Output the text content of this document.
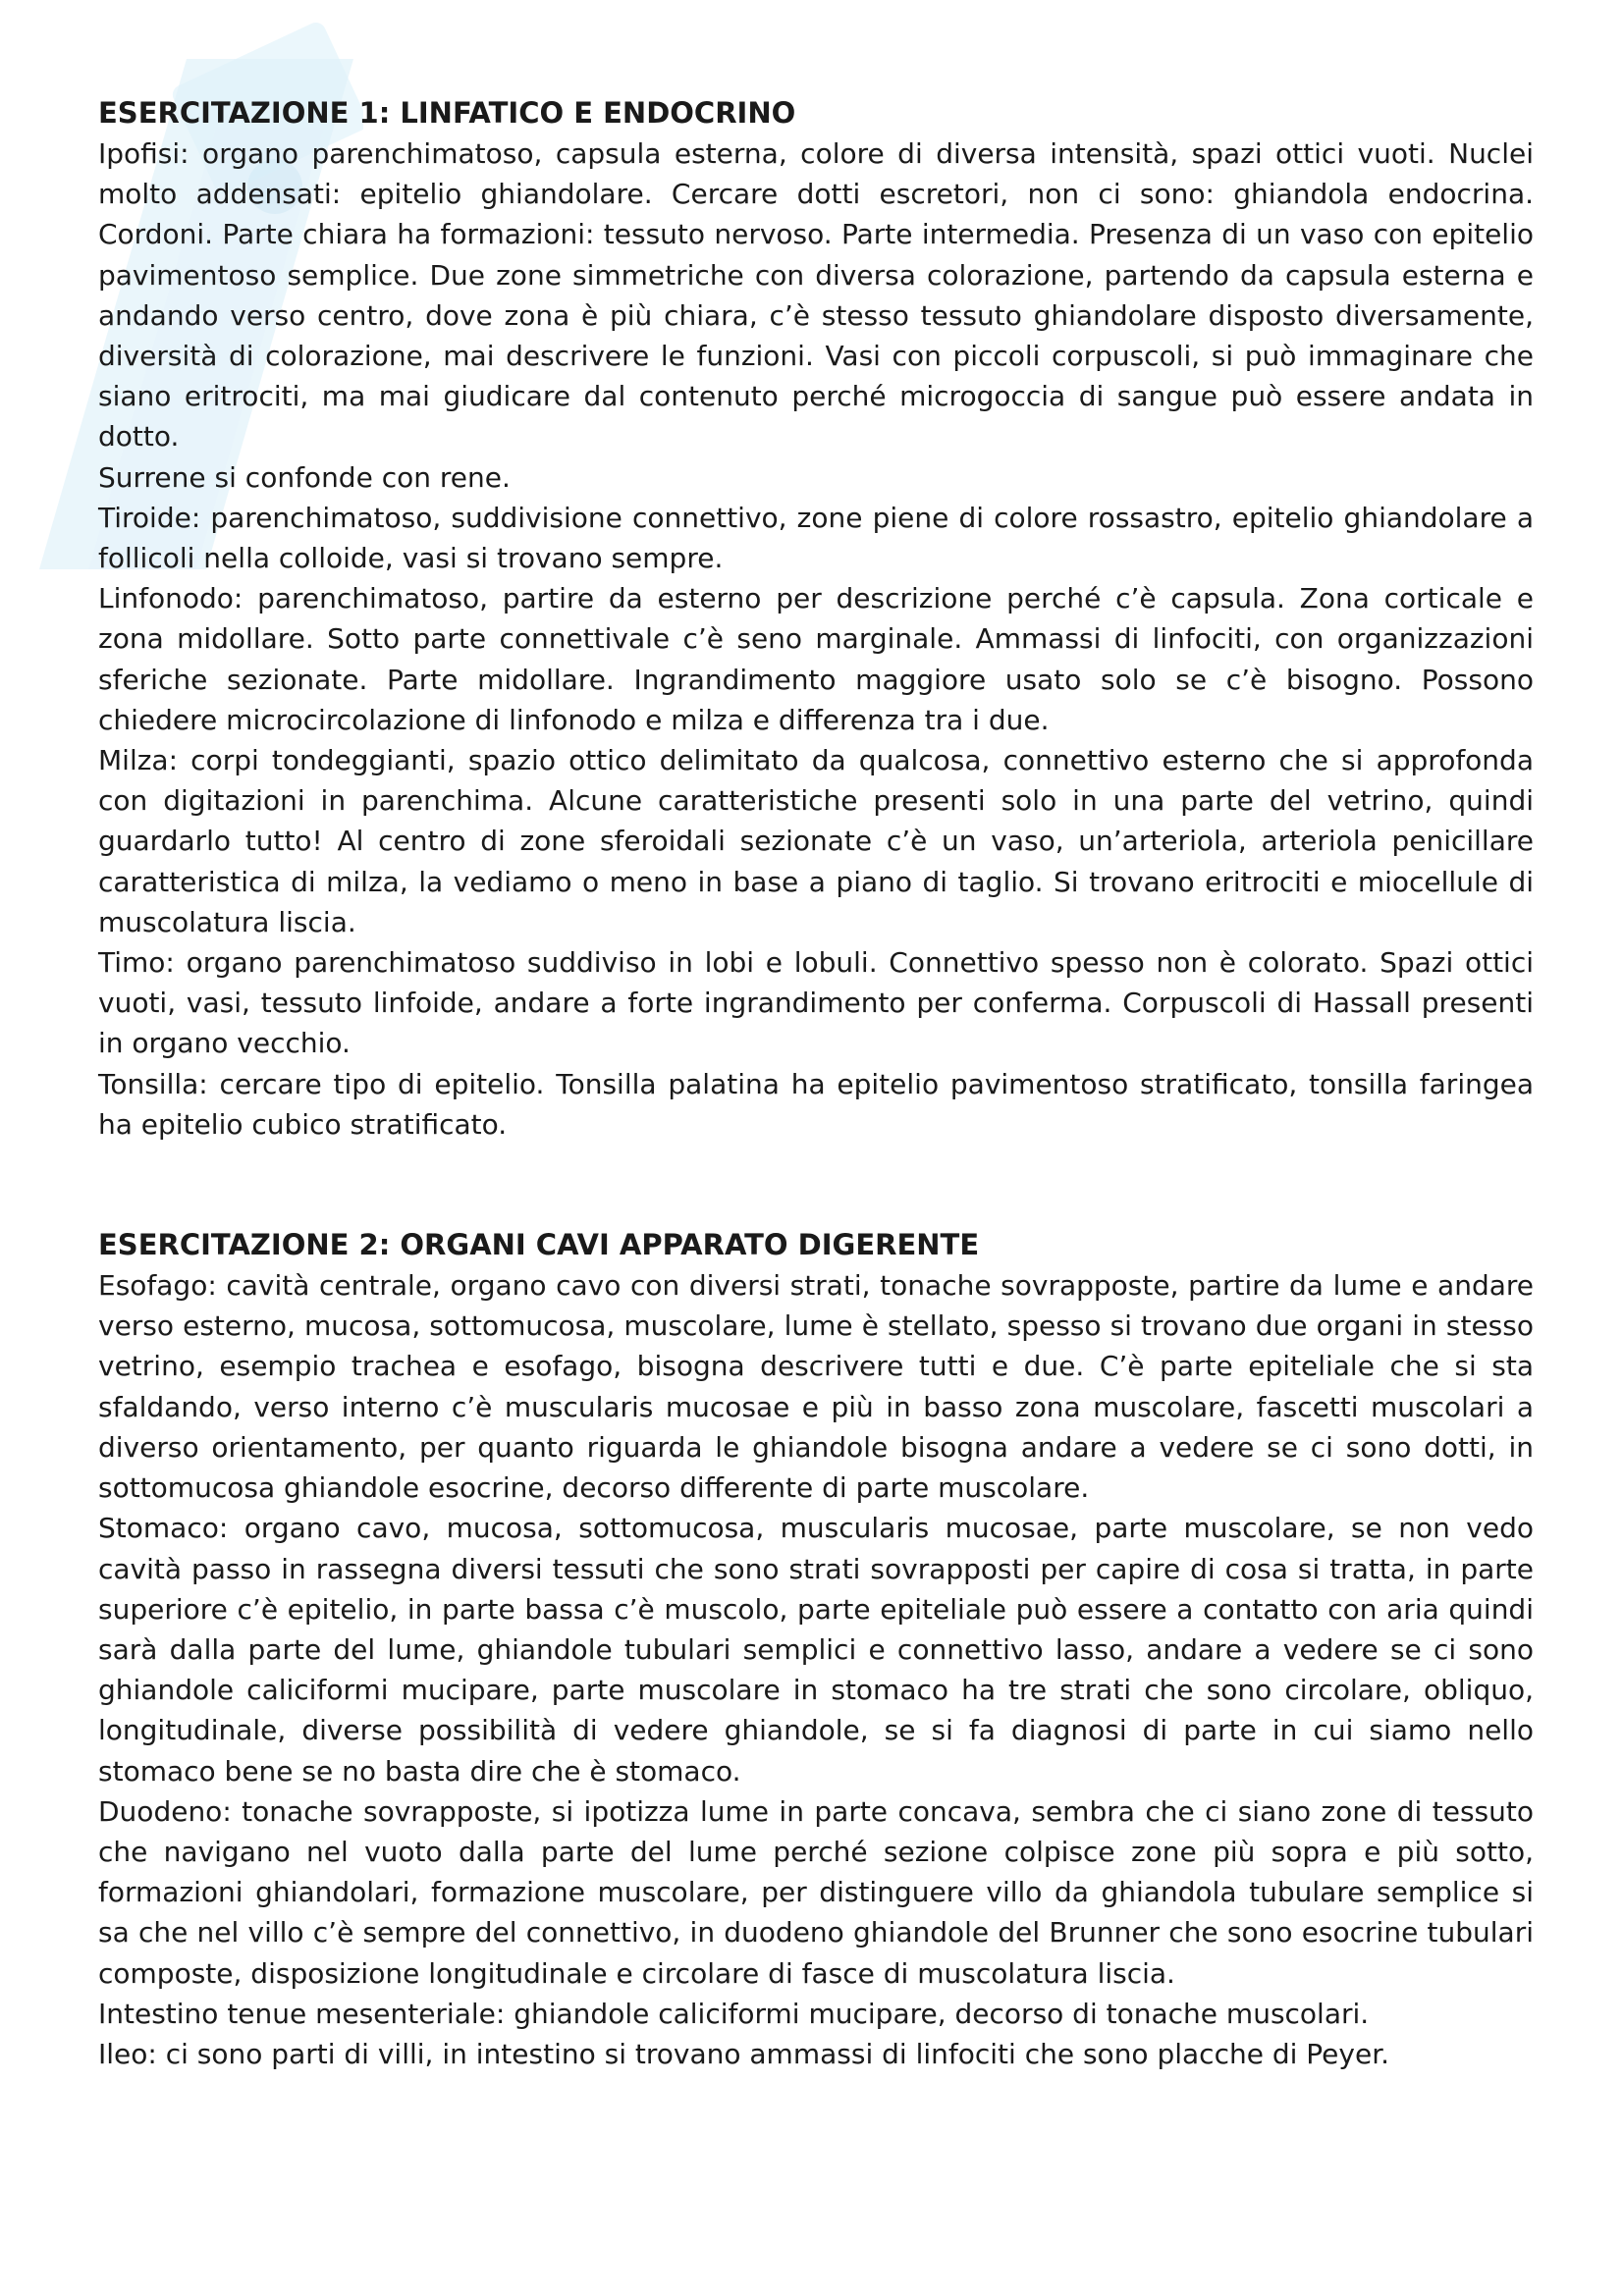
ESERCITAZIONE 1: LINFATICO E ENDOCRINO

Ipofisi: organo parenchimatoso, capsula esterna, colore di diversa intensità, spazi ottici vuoti. Nuclei molto addensati: epitelio ghiandolare. Cercare dotti escretori, non ci sono: ghiandola endocrina. Cordoni. Parte chiara ha formazioni: tessuto nervoso. Parte intermedia. Presenza di un vaso con epitelio pavimentoso semplice. Due zone simmetriche con diversa colorazione, partendo da capsula esterna e andando verso centro, dove zona è più chiara, c’è stesso tessuto ghiandolare disposto diversamente, diversità di colorazione, mai descrivere le funzioni. Vasi con piccoli corpuscoli, si può immaginare che siano eritrociti, ma mai giudicare dal contenuto perché microgoccia di sangue può essere andata in dotto.

Surrene si confonde con rene.

Tiroide: parenchimatoso, suddivisione connettivo, zone piene di colore rossastro, epitelio ghiandolare a follicoli nella colloide, vasi si trovano sempre.

Linfonodo: parenchimatoso, partire da esterno per descrizione perché c’è capsula. Zona corticale e zona midollare. Sotto parte connettivale c’è seno marginale. Ammassi di linfociti, con organizzazioni sferiche sezionate. Parte midollare. Ingrandimento maggiore usato solo se c’è bisogno. Possono chiedere microcircolazione di linfonodo e milza e differenza tra i due.

Milza: corpi tondeggianti, spazio ottico delimitato da qualcosa, connettivo esterno che si approfonda con digitazioni in parenchima. Alcune caratteristiche presenti solo in una parte del vetrino, quindi guardarlo tutto! Al centro di zone sferoidali sezionate c’è un vaso, un’arteriola, arteriola penicillare caratteristica di milza, la vediamo o meno in base a piano di taglio. Si trovano eritrociti e miocellule di muscolatura liscia.

Timo: organo parenchimatoso suddiviso in lobi e lobuli. Connettivo spesso non è colorato. Spazi ottici vuoti, vasi, tessuto linfoide, andare a forte ingrandimento per conferma. Corpuscoli di Hassall presenti in organo vecchio.

Tonsilla: cercare tipo di epitelio. Tonsilla palatina ha epitelio pavimentoso stratificato, tonsilla faringea ha epitelio cubico stratificato.

ESERCITAZIONE 2: ORGANI CAVI APPARATO DIGERENTE

Esofago: cavità centrale, organo cavo con diversi strati, tonache sovrapposte, partire da lume e andare verso esterno, mucosa, sottomucosa, muscolare, lume è stellato, spesso si trovano due organi in stesso vetrino, esempio trachea e esofago, bisogna descrivere tutti e due. C’è parte epiteliale che si sta sfaldando, verso interno c’è muscularis mucosae e più in basso zona muscolare, fascetti muscolari a diverso orientamento, per quanto riguarda le ghiandole bisogna andare a vedere se ci sono dotti, in sottomucosa ghiandole esocrine, decorso differente di parte muscolare.

Stomaco: organo cavo, mucosa, sottomucosa, muscularis mucosae, parte muscolare, se non vedo cavità passo in rassegna diversi tessuti che sono strati sovrapposti per capire di cosa si tratta, in parte superiore c’è epitelio, in parte bassa c’è muscolo, parte epiteliale può essere a contatto con aria quindi sarà dalla parte del lume, ghiandole tubulari semplici e connettivo lasso, andare a vedere se ci sono ghiandole caliciformi mucipare, parte muscolare in stomaco ha tre strati che sono circolare, obliquo, longitudinale, diverse possibilità di vedere ghiandole, se si fa diagnosi di parte in cui siamo nello stomaco bene se no basta dire che è stomaco.

Duodeno: tonache sovrapposte, si ipotizza lume in parte concava, sembra che ci siano zone di tessuto che navigano nel vuoto dalla parte del lume perché sezione colpisce zone più sopra e più sotto, formazioni ghiandolari, formazione muscolare, per distinguere villo da ghiandola tubulare semplice si sa che nel villo c’è sempre del connettivo, in duodeno ghiandole del Brunner che sono esocrine tubulari composte, disposizione longitudinale e circolare di fasce di muscolatura liscia.

Intestino tenue mesenteriale: ghiandole caliciformi mucipare, decorso di tonache muscolari.

Ileo: ci sono parti di villi, in intestino si trovano ammassi di linfociti che sono placche di Peyer.
